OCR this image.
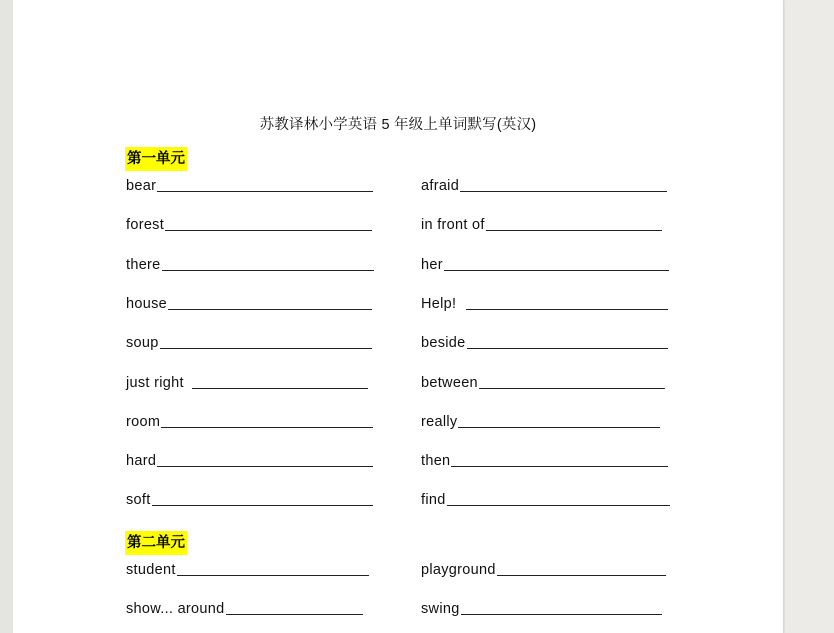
苏教译林小学英语 5 年级上单词默写(英汉)
第一单元
bear	afraid
forest	in front of
there	her
house	Help!
soup	beside
just right	between
room	really
hard	then
soft	find
第二单元
student	playground
show... around	swing
